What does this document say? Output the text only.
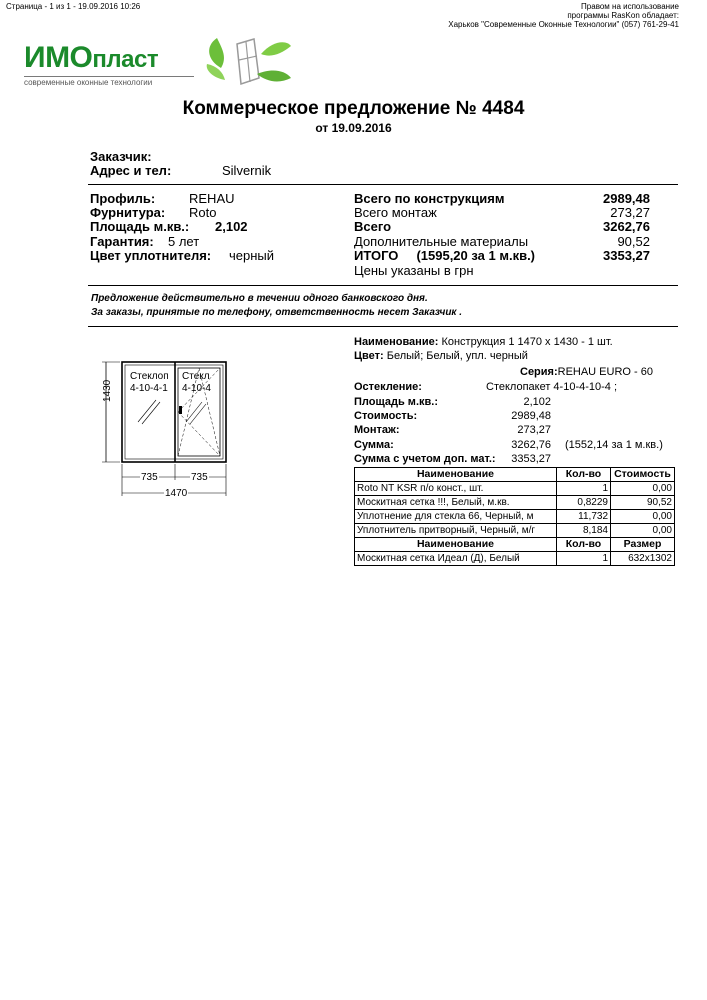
Страница - 1 из 1 - 19.09.2016 10:26	Правом на использование
программы RasKon обладает:
Харьков "Современные Оконные Технологии" (057) 761-29-41
ИМОпласт
современные оконные технологии
Коммерческое предложение № 4484
от 19.09.2016
Заказчик:
Адрес и тел:	Silvernik
Профиль:	REHAU
Фурнитура: Roto
Площадь м.кв.: 2,102
Гарантия: 5 лет
Цвет уплотнителя: черный
Всего по конструкциям	2989,48
Всего монтаж	273,27
Всего	3262,76
Дополнительные материалы	90,52
ИТОГО     (1595,20 за 1 м.кв.)	3353,27
Цены указаны в грн
Предложение действительно в течении одного банковского дня.
За заказы, принятые по телефону, ответственность несет Заказчик .
1430
Стеклоп
4-10-4-1
Стекл
4-10-4
735	735
1470
Наименование: Конструкция 1 1470 х 1430 - 1 шт.
Цвет: Белый; Белый, упл. черный
Серия:REHAU EURO - 60
Остекление:	Стеклопакет 4-10-4-10-4 ;
Площадь м.кв.:	2,102
Стоимость:	2989,48
Монтаж:	273,27
Сумма:	3262,76 (1552,14 за 1 м.кв.)
Сумма с учетом доп. мат.: 3353,27
Наименование	Кол-во	Стоимость
Roto NT KSR п/о конст., шт.	1	0,00
Москитная сетка !!!, Белый, м.кв.	0,8229	90,52
Уплотнение для стекла 66, Черный, м	11,732	0,00
Уплотнитель притворный, Черный, м/г	8,184	0,00
Наименование	Кол-во	Размер
Москитная сетка Идеал (Д), Белый	1	632х1302
